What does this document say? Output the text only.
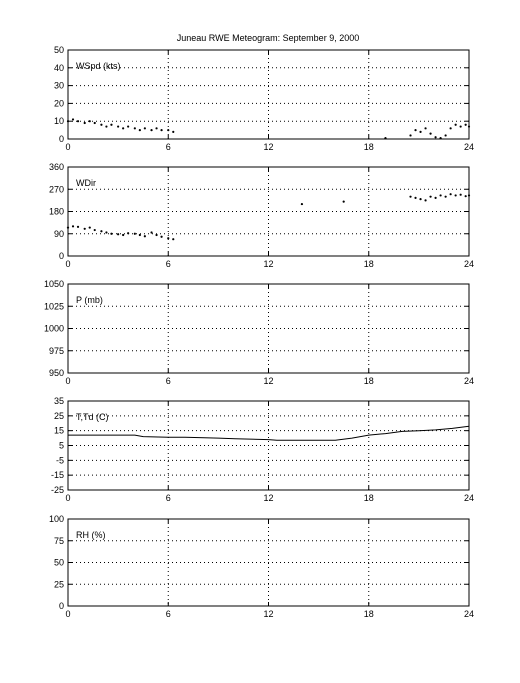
Juneau RWE Meteogram: September 9, 2000
0
10
20
30
40
50
0	6	12	18	24
WSpd (kts)
0
90
180
270
360
0	6	12	18	24
WDir
950
975
1000
1025
1050
0	6	12	18	24
P (mb)
-25
-15
-5
5
15
25
35
0	6	12	18	24
T,Td (C)
0
25
50
75
100
0	6	12	18	24
RH (%)
